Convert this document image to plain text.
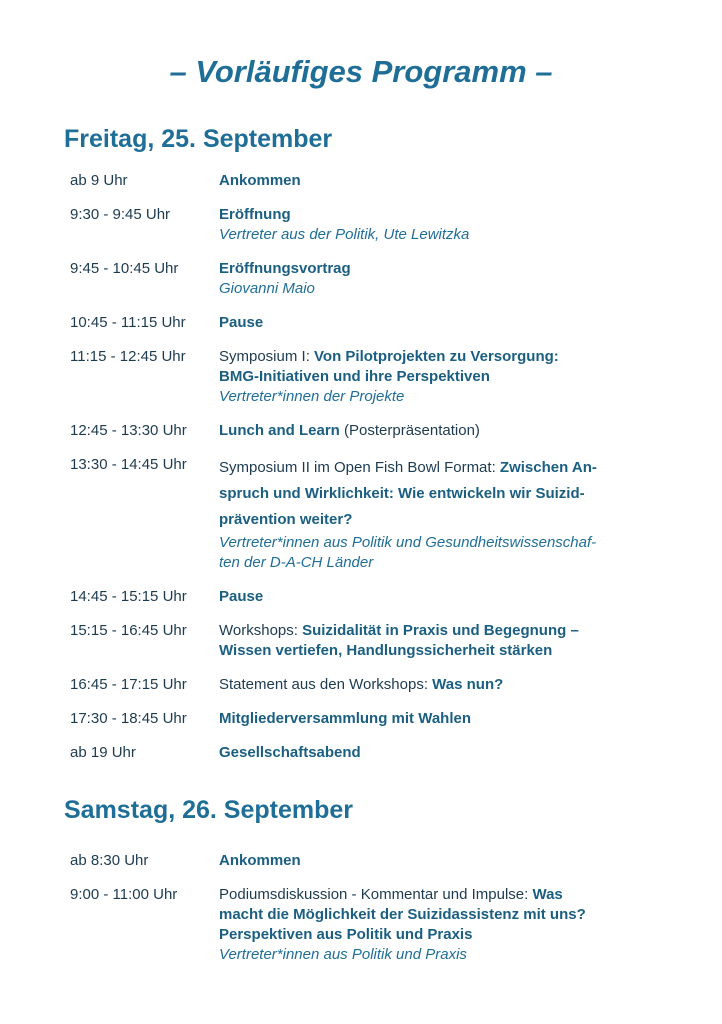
– Vorläufiges Programm –
Freitag, 25. September
ab 9 Uhr	Ankommen
9:30 - 9:45 Uhr	Eröffnung
Vertreter aus der Politik, Ute Lewitzka
9:45 - 10:45 Uhr	Eröffnungsvortrag
Giovanni Maio
10:45 - 11:15 Uhr	Pause
11:15 - 12:45 Uhr	Symposium I: Von Pilotprojekten zu Versorgung:
BMG-Initiativen und ihre Perspektiven
Vertreter*innen der Projekte
12:45 - 13:30 Uhr	Lunch and Learn (Posterpräsentation)
13:30 - 14:45 Uhr	Symposium II im Open Fish Bowl Format: Zwischen An-
spruch und Wirklichkeit: Wie entwickeln wir Suizid-
prävention weiter?
Vertreter*innen aus Politik und Gesundheitswissenschaf-
ten der D-A-CH Länder
14:45 - 15:15 Uhr	Pause
15:15 - 16:45 Uhr	Workshops: Suizidalität in Praxis und Begegnung –
Wissen vertiefen, Handlungssicherheit stärken
16:45 - 17:15 Uhr	Statement aus den Workshops: Was nun?
17:30 - 18:45 Uhr	Mitgliederversammlung mit Wahlen
ab 19 Uhr	Gesellschaftsabend
Samstag, 26. September
ab 8:30 Uhr	Ankommen
9:00 - 11:00 Uhr	Podiumsdiskussion - Kommentar und Impulse: Was
macht die Möglichkeit der Suizidassistenz mit uns?
Perspektiven aus Politik und Praxis
Vertreter*innen aus Politik und Praxis
